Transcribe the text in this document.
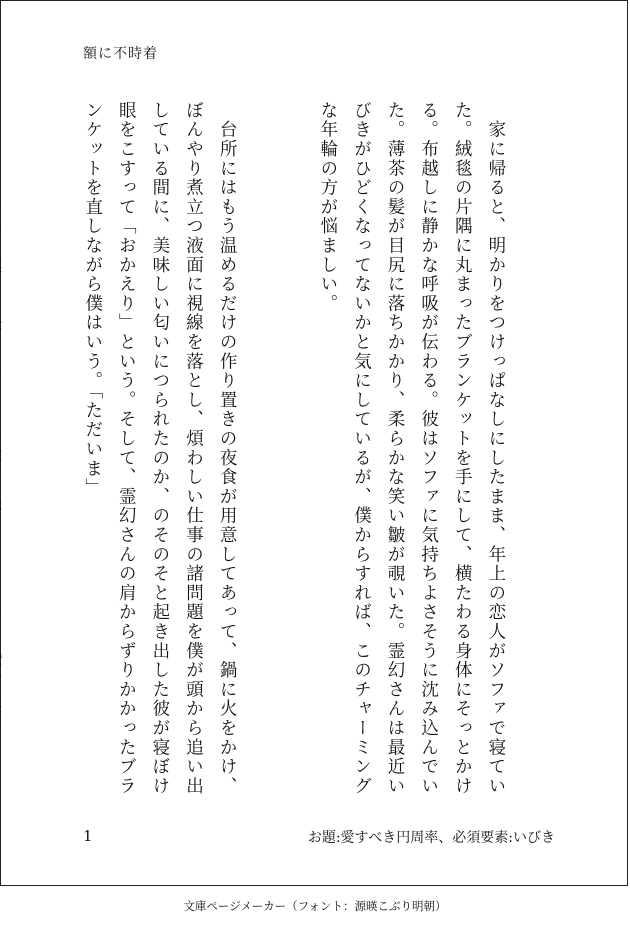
額に不時着

　家に帰ると、明かりをつけっぱなしにしたまま、年上の恋人がソファで寝ていた。絨毯の片隅に丸まったブランケットを手にして、横たわる身体にそっとかける。布越しに静かな呼吸が伝わる。彼はソファに気持ちよさそうに沈み込んでいた。薄茶の髪が目尻に落ちかかり、柔らかな笑い皺が覗いた。霊幻さんは最近いびきがひどくなってないかと気にしているが、僕からすれば、このチャーミングな年輪の方が悩ましい。

　台所にはもう温めるだけの作り置きの夜食が用意してあって、鍋に火をかけ、ぼんやり煮立つ液面に視線を落とし、煩わしい仕事の諸問題を僕が頭から追い出している間に、美味しい匂いにつられたのか、のそのそと起き出した彼が寝ぼけ眼をこすって「おかえり」という。そして、霊幻さんの肩からずりかかったブランケットを直しながら僕はいう。「ただいま」

1	お題:愛すべき円周率、必須要素:いびき
文庫ページメーカー（フォント：源暎こぶり明朝）
